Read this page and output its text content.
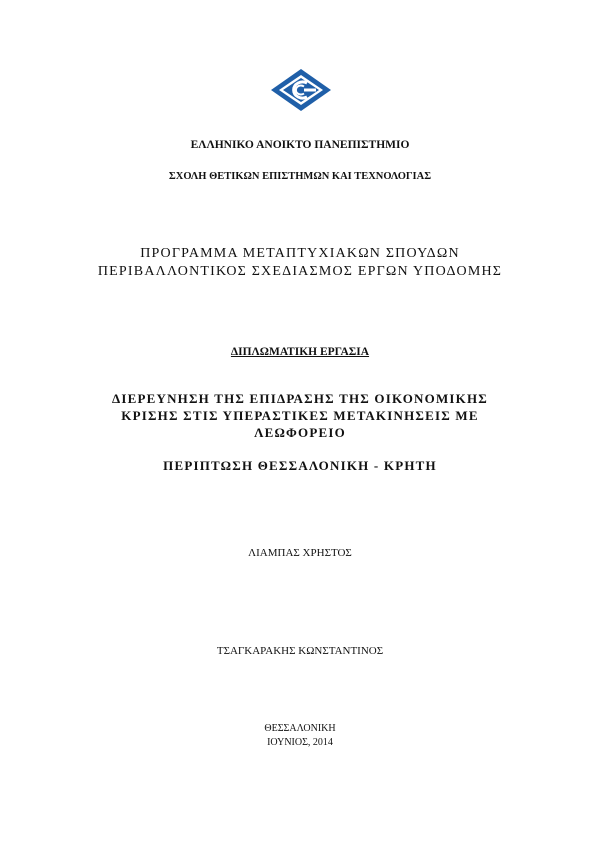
ΕΛΛΗΝΙΚΟ ΑΝΟΙΚΤΟ ΠΑΝΕΠΙΣΤΗΜΙΟ
ΣΧΟΛΗ ΘΕΤΙΚΩΝ ΕΠΙΣΤΗΜΩΝ ΚΑΙ ΤΕΧΝΟΛΟΓΙΑΣ
ΠΡΟΓΡΑΜΜΑ ΜΕΤΑΠΤΥΧΙΑΚΩΝ ΣΠΟΥΔΩΝ
ΠΕΡΙΒΑΛΛΟΝΤΙΚΟΣ ΣΧΕΔΙΑΣΜΟΣ ΕΡΓΩΝ ΥΠΟΔΟΜΗΣ
ΔΙΠΛΩΜΑΤΙΚΗ ΕΡΓΑΣΙΑ
ΔΙΕΡΕΥΝΗΣΗ ΤΗΣ ΕΠΙΔΡΑΣΗΣ ΤΗΣ ΟΙΚΟΝΟΜΙΚΗΣ
ΚΡΙΣΗΣ ΣΤΙΣ ΥΠΕΡΑΣΤΙΚΕΣ ΜΕΤΑΚΙΝΗΣΕΙΣ ΜΕ
ΛΕΩΦΟΡΕΙΟ
ΠΕΡΙΠΤΩΣΗ ΘΕΣΣΑΛΟΝΙΚΗ - ΚΡΗΤΗ
ΛΙΑΜΠΑΣ ΧΡΗΣΤΟΣ
ΤΣΑΓΚΑΡΑΚΗΣ ΚΩΝΣΤΑΝΤΙΝΟΣ
ΘΕΣΣΑΛΟΝΙΚΗ
ΙΟΥΝΙΟΣ, 2014
